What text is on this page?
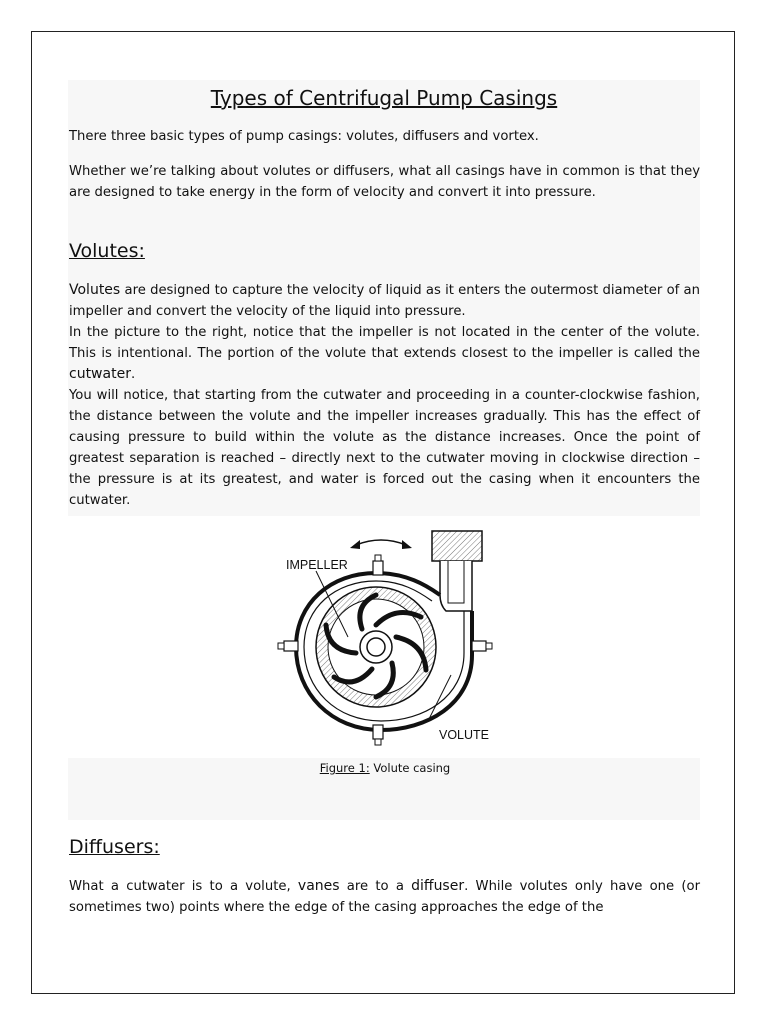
Types of Centrifugal Pump Casings

There three basic types of pump casings: volutes, diffusers and vortex.

Whether we’re talking about volutes or diffusers, what all casings have in common is that they are designed to take energy in the form of velocity and convert it into pressure.

Volutes:

Volutes are designed to capture the velocity of liquid as it enters the outermost diameter of an impeller and convert the velocity of the liquid into pressure.

In the picture to the right, notice that the impeller is not located in the center of the volute. This is intentional. The portion of the volute that extends closest to the impeller is called the cutwater.

You will notice, that starting from the cutwater and proceeding in a counter-clockwise fashion, the distance between the volute and the impeller increases gradually. This has the effect of causing pressure to build within the volute as the distance increases. Once the point of greatest separation is reached – directly next to the cutwater moving in clockwise direction – the pressure is at its greatest, and water is forced out the casing when it encounters the cutwater.

IMPELLER
VOLUTE

Figure 1: Volute casing

Diffusers:

What a cutwater is to a volute, vanes are to a diffuser. While volutes only have one (or sometimes two) points where the edge of the casing approaches the edge of the
